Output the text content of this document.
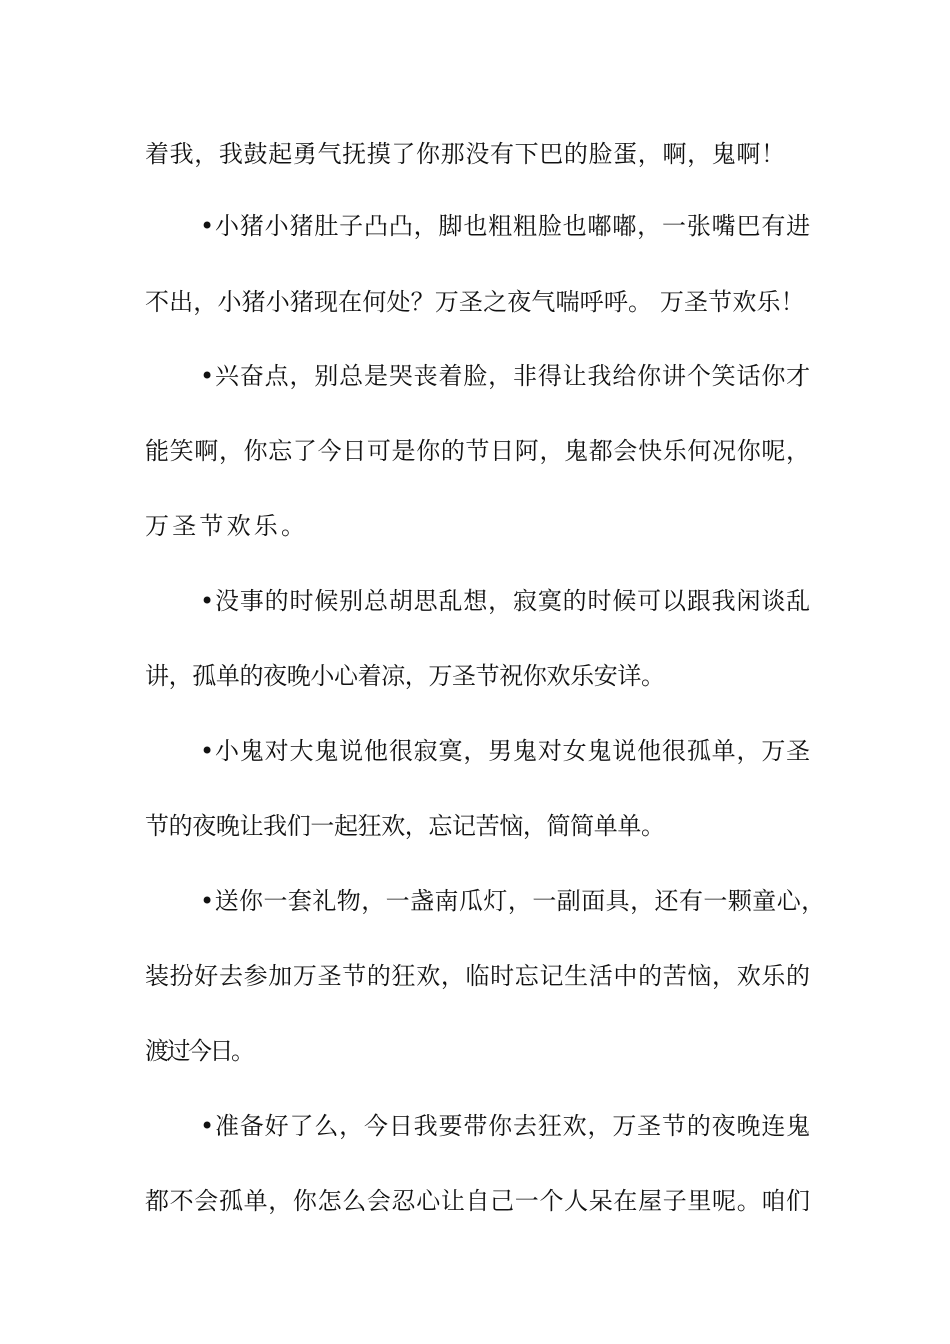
着我，我鼓起勇气抚摸了你那没有下巴的脸蛋，啊，鬼啊！
•小猪小猪肚子凸凸，脚也粗粗脸也嘟嘟，一张嘴巴有进
不出，小猪小猪现在何处？万圣之夜气喘呼呼。 万圣节欢乐！
•兴奋点，别总是哭丧着脸，非得让我给你讲个笑话你才
能笑啊，你忘了今日可是你的节日阿，鬼都会快乐何况你呢，
万圣节欢乐。
•没事的时候别总胡思乱想，寂寞的时候可以跟我闲谈乱
讲，孤单的夜晚小心着凉，万圣节祝你欢乐安详。
•小鬼对大鬼说他很寂寞，男鬼对女鬼说他很孤单，万圣
节的夜晚让我们一起狂欢，忘记苦恼，简简单单。
•送你一套礼物，一盏南瓜灯，一副面具，还有一颗童心，
装扮好去参加万圣节的狂欢，临时忘记生活中的苦恼，欢乐的
渡过今日。
•准备好了么，今日我要带你去狂欢，万圣节的夜晚连鬼
都不会孤单，你怎么会忍心让自己一个人呆在屋子里呢。咱们
